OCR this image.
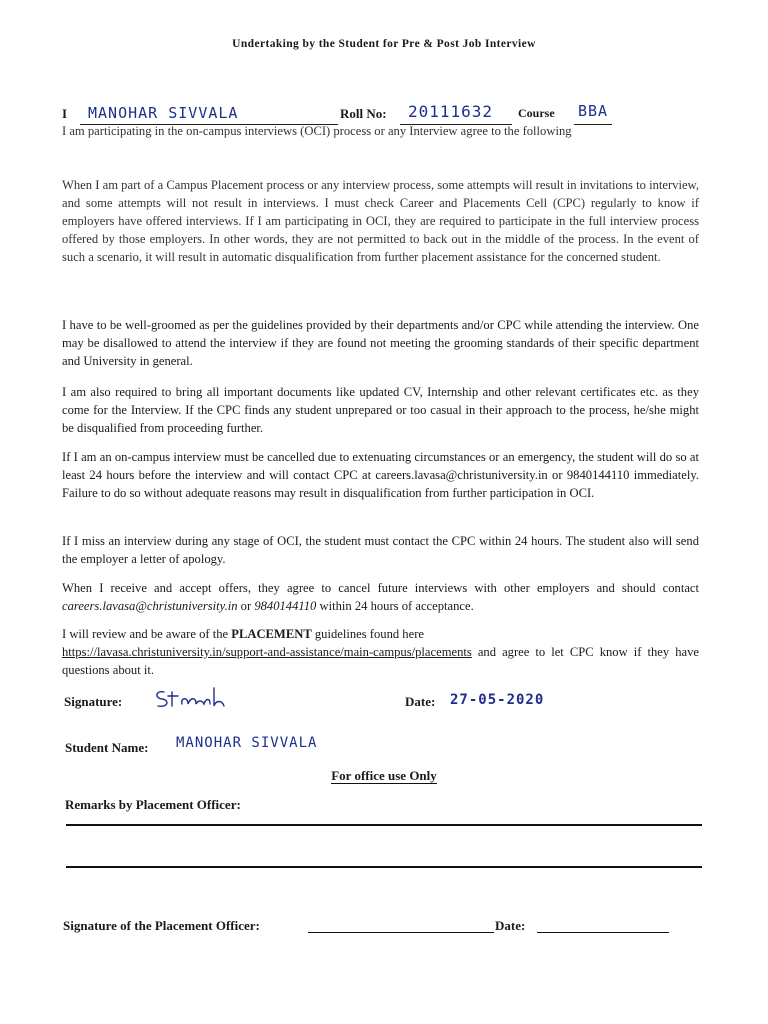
Undertaking by the Student for Pre & Post Job Interview
I MANOHAR SIVVALA	Roll No: 20111632 Course BBA

I am participating in the on-campus interviews (OCI) process or any Interview agree to the following

When I am part of a Campus Placement process or any interview process, some attempts will result in invitations to interview, and some attempts will not result in interviews. I must check Career and Placements Cell (CPC) regularly to know if employers have offered interviews. If I am participating in OCI, they are required to participate in the full interview process offered by those employers. In other words, they are not permitted to back out in the middle of the process. In the event of such a scenario, it will result in automatic disqualification from further placement assistance for the concerned student.

I have to be well-groomed as per the guidelines provided by their departments and/or CPC while attending the interview. One may be disallowed to attend the interview if they are found not meeting the grooming standards of their specific department and University in general.

I am also required to bring all important documents like updated CV, Internship and other relevant certificates etc. as they come for the Interview. If the CPC finds any student unprepared or too casual in their approach to the process, he/she might be disqualified from proceeding further.

If I am an on-campus interview must be cancelled due to extenuating circumstances or an emergency, the student will do so at least 24 hours before the interview and will contact CPC at careers.lavasa@christuniversity.in or 9840144110 immediately. Failure to do so without adequate reasons may result in disqualification from further participation in OCI.

If I miss an interview during any stage of OCI, the student must contact the CPC within 24 hours. The student also will send the employer a letter of apology.

When I receive and accept offers, they agree to cancel future interviews with other employers and should contact careers.lavasa@christuniversity.in or 9840144110 within 24 hours of acceptance.

I will review and be aware of the PLACEMENT guidelines found here
https://lavasa.christuniversity.in/support-and-assistance/main-campus/placements and agree to let CPC know if they have questions about it.

Signature:	Date: 27-05-2020
Student Name: MANOHAR SIVVALA
For office use Only
Remarks by Placement Officer:
Signature of the Placement Officer:	Date:
